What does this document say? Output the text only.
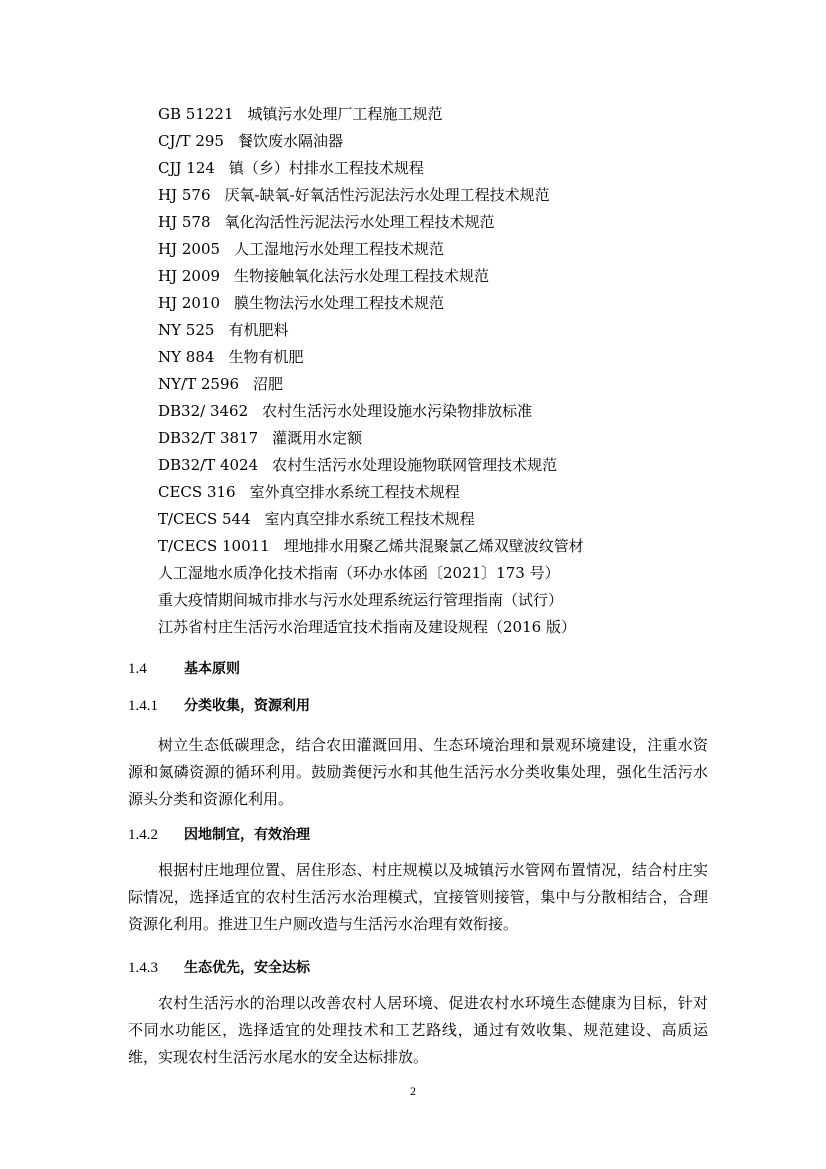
GB 51221 城镇污水处理厂工程施工规范
CJ/T 295 餐饮废水隔油器
CJJ 124 镇（乡）村排水工程技术规程
HJ 576 厌氧-缺氧-好氧活性污泥法污水处理工程技术规范
HJ 578 氧化沟活性污泥法污水处理工程技术规范
HJ 2005 人工湿地污水处理工程技术规范
HJ 2009 生物接触氧化法污水处理工程技术规范
HJ 2010 膜生物法污水处理工程技术规范
NY 525 有机肥料
NY 884 生物有机肥
NY/T 2596 沼肥
DB32/ 3462 农村生活污水处理设施水污染物排放标准
DB32/T 3817 灌溉用水定额
DB32/T 4024 农村生活污水处理设施物联网管理技术规范
CECS 316 室外真空排水系统工程技术规程
T/CECS 544 室内真空排水系统工程技术规程
T/CECS 10011 埋地排水用聚乙烯共混聚氯乙烯双壁波纹管材
人工湿地水质净化技术指南（环办水体函〔2021〕173 号）
重大疫情期间城市排水与污水处理系统运行管理指南（试行）
江苏省村庄生活污水治理适宜技术指南及建设规程（2016 版）
1.4	基本原则
1.4.1 分类收集，资源利用

树立生态低碳理念，结合农田灌溉回用、生态环境治理和景观环境建设，注重水资源和氮磷资源的循环利用。鼓励粪便污水和其他生活污水分类收集处理，强化生活污水源头分类和资源化利用。

1.4.2 因地制宜，有效治理

根据村庄地理位置、居住形态、村庄规模以及城镇污水管网布置情况，结合村庄实际情况，选择适宜的农村生活污水治理模式，宜接管则接管，集中与分散相结合，合理资源化利用。推进卫生户厕改造与生活污水治理有效衔接。

1.4.3 生态优先，安全达标

农村生活污水的治理以改善农村人居环境、促进农村水环境生态健康为目标，针对不同水功能区，选择适宜的处理技术和工艺路线，通过有效收集、规范建设、高质运维，实现农村生活污水尾水的安全达标排放。

2
